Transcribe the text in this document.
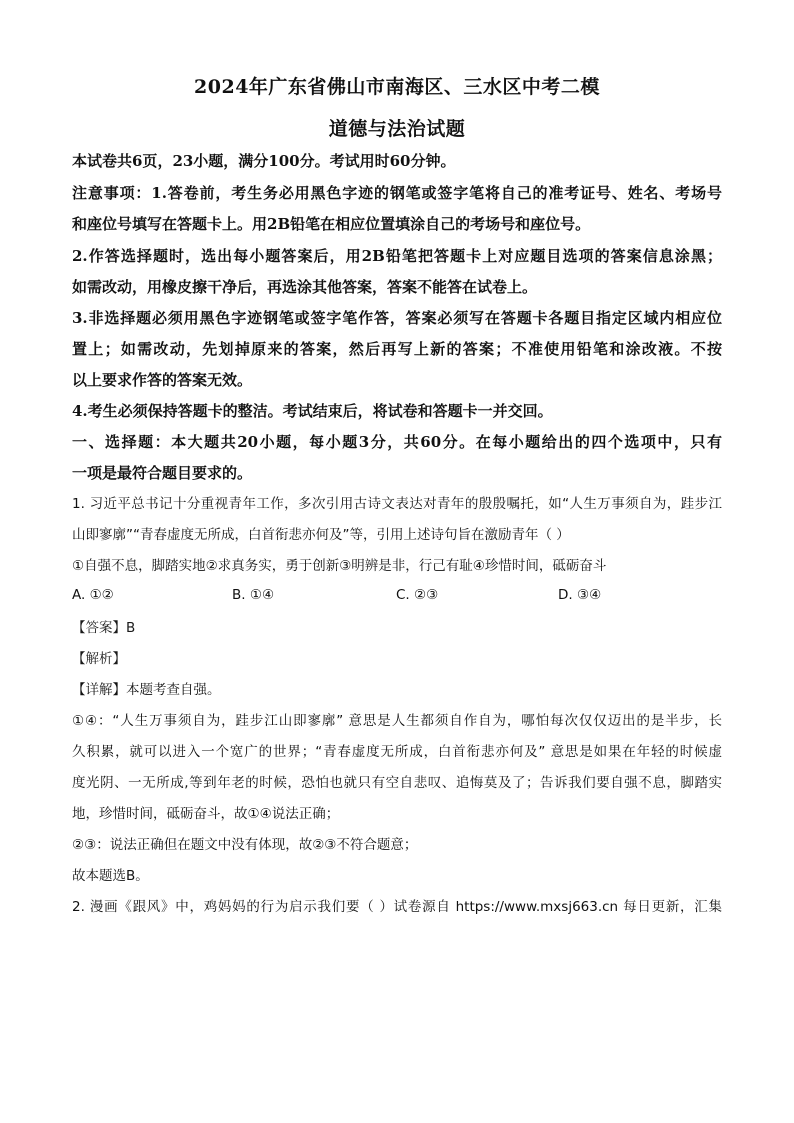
2024年广东省佛山市南海区、三水区中考二模
道德与法治试题
本试卷共6页，23小题，满分100分。考试用时60分钟。
注意事项：1.答卷前，考生务必用黑色字迹的钢笔或签字笔将自己的准考证号、姓名、考场号
和座位号填写在答题卡上。用2B铅笔在相应位置填涂自己的考场号和座位号。
2.作答选择题时，选出每小题答案后，用2B铅笔把答题卡上对应题目选项的答案信息涂黑；
如需改动，用橡皮擦干净后，再选涂其他答案，答案不能答在试卷上。
3.非选择题必须用黑色字迹钢笔或签字笔作答，答案必须写在答题卡各题目指定区域内相应位
置上；如需改动，先划掉原来的答案，然后再写上新的答案；不准使用铅笔和涂改液。不按
以上要求作答的答案无效。
4.考生必须保持答题卡的整洁。考试结束后，将试卷和答题卡一并交回。
一、选择题：本大题共20小题，每小题3分，共60分。在每小题给出的四个选项中，只有
一项是最符合题目要求的。
1. 习近平总书记十分重视青年工作，多次引用古诗文表达对青年的殷殷嘱托，如“人生万事须自为，跬步江
山即寥廓”“青春虚度无所成，白首衔悲亦何及”等，引用上述诗句旨在激励青年（ ）
①自强不息，脚踏实地②求真务实，勇于创新③明辨是非，行己有耻④珍惜时间，砥砺奋斗
A. ①②	B. ①④	C. ②③	D. ③④
【答案】B
【解析】
【详解】本题考查自强。
①④：“人生万事须自为，跬步江山即寥廓” 意思是人生都须自作自为，哪怕每次仅仅迈出的是半步，长
久积累，就可以进入一个宽广的世界；“青春虚度无所成，白首衔悲亦何及” 意思是如果在年轻的时候虚
度光阴、一无所成,等到年老的时候，恐怕也就只有空自悲叹、追悔莫及了；告诉我们要自强不息，脚踏实
地，珍惜时间，砥砺奋斗，故①④说法正确；
②③：说法正确但在题文中没有体现，故②③不符合题意；
故本题选B。
2. 漫画《跟风》中，鸡妈妈的行为启示我们要（ ）试卷源自 https://www.mxsj663.cn 每日更新，汇集
